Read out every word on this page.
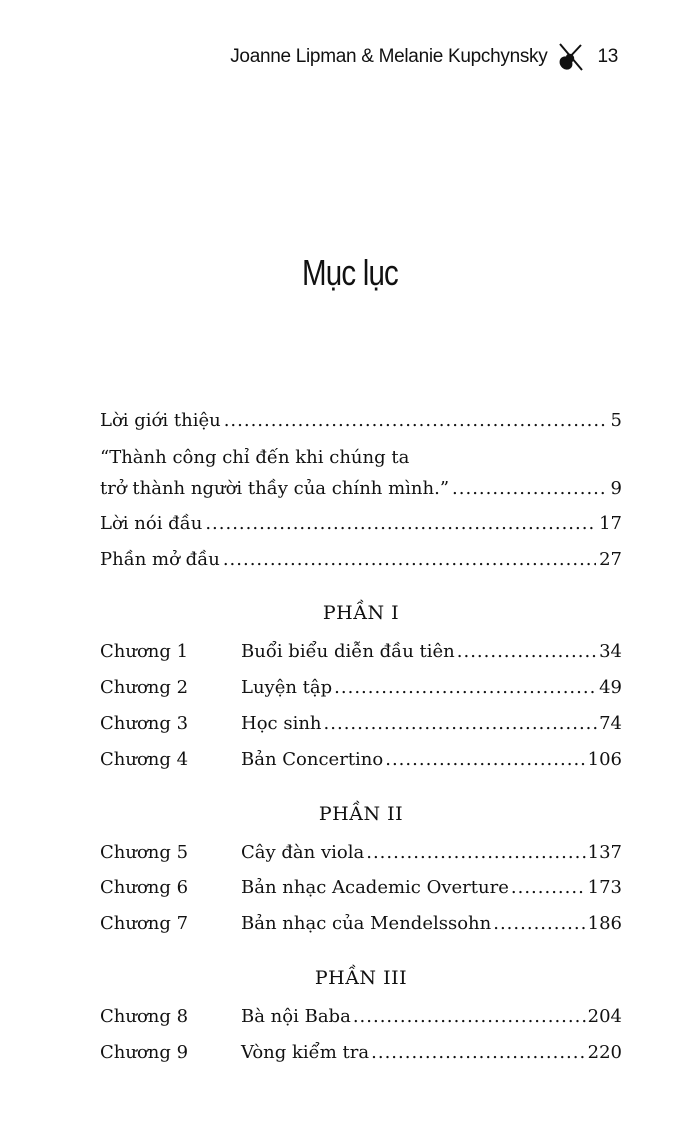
Joanne Lipman & Melanie Kupchynsky	13
Mục lục
Lời giới thiệu .....	5
“Thành công chỉ đến khi chúng ta
trở thành người thầy của chính mình.” .....	9
Lời nói đầu .....	17
Phần mở đầu .....	27
PHẦN I
Chương 1	Buổi biểu diễn đầu tiên .....	34
Chương 2	Luyện tập .....	49
Chương 3	Học sinh .....	74
Chương 4	Bản Concertino .....	106
PHẦN II
Chương 5	Cây đàn viola .....	137
Chương 6	Bản nhạc Academic Overture .....	173
Chương 7	Bản nhạc của Mendelssohn .....	186
PHẦN III
Chương 8	Bà nội Baba .....	204
Chương 9	Vòng kiểm tra .....	220
